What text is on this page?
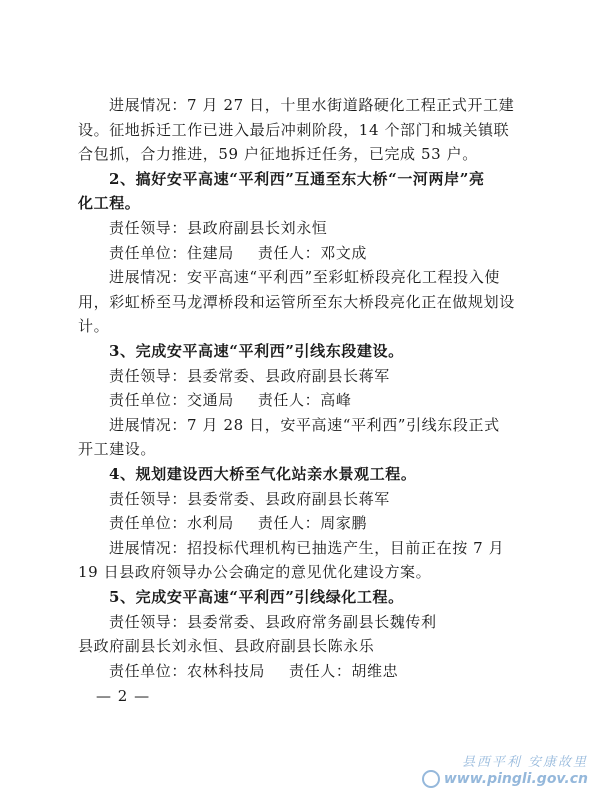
进展情况：7 月 27 日，十里水街道路硬化工程正式开工建
设。征地拆迁工作已进入最后冲刺阶段，14 个部门和城关镇联
合包抓，合力推进，59 户征地拆迁任务，已完成 53 户。
2、搞好安平高速“平利西”互通至东大桥“一河两岸”亮
化工程。
责任领导：县政府副县长刘永恒
责任单位：住建局 责任人：邓文成
进展情况：安平高速“平利西”至彩虹桥段亮化工程投入使
用，彩虹桥至马龙潭桥段和运管所至东大桥段亮化正在做规划设
计。
3、完成安平高速“平利西”引线东段建设。
责任领导：县委常委、县政府副县长蒋军
责任单位：交通局 责任人：高峰
进展情况：7 月 28 日，安平高速“平利西”引线东段正式
开工建设。
4、规划建设西大桥至气化站亲水景观工程。
责任领导：县委常委、县政府副县长蒋军
责任单位：水利局 责任人：周家鹏
进展情况：招投标代理机构已抽选产生，目前正在按 7 月
19 日县政府领导办公会确定的意见优化建设方案。
5、完成安平高速“平利西”引线绿化工程。
责任领导：县委常委、县政府常务副县长魏传利
县政府副县长刘永恒、县政府副县长陈永乐
责任单位：农林科技局 责任人：胡维忠
— 2 —
县西平利 安康故里
www.pingli.gov.cn
